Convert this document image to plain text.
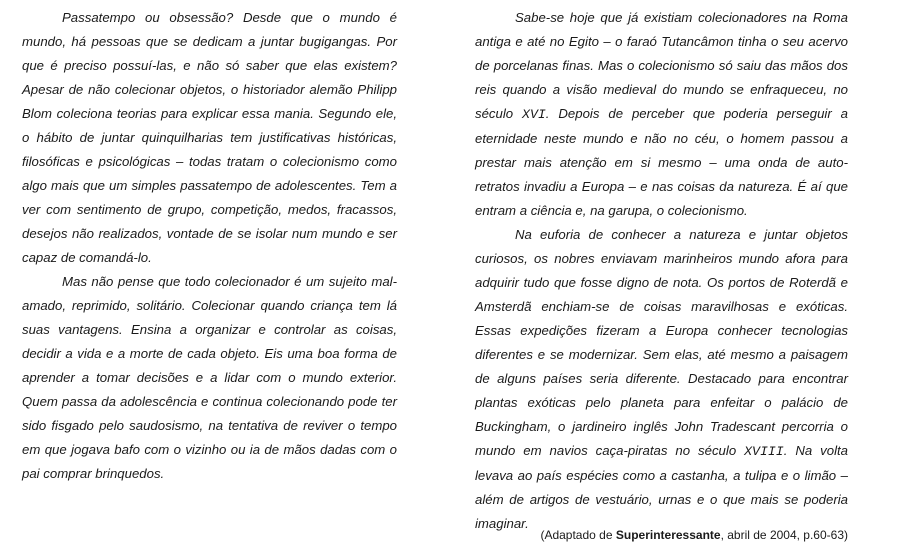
Passatempo ou obsessão? Desde que o mundo é mundo, há pessoas que se dedicam a juntar bugigangas. Por que é preciso possuí-las, e não só saber que elas existem? Apesar de não colecionar objetos, o historiador alemão Philipp Blom coleciona teorias para explicar essa mania. Segundo ele, o hábito de juntar quinquilharias tem justificativas históricas, filosóficas e psicológicas – todas tratam o colecionismo como algo mais que um simples passatempo de adolescentes. Tem a ver com sentimento de grupo, competição, medos, fracassos, desejos não realizados, vontade de se isolar num mundo e ser capaz de comandá-lo.

Mas não pense que todo colecionador é um sujeito mal-amado, reprimido, solitário. Colecionar quando criança tem lá suas vantagens. Ensina a organizar e controlar as coisas, decidir a vida e a morte de cada objeto. Eis uma boa forma de aprender a tomar decisões e a lidar com o mundo exterior. Quem passa da adolescência e continua colecionando pode ter sido fisgado pelo saudosismo, na tentativa de reviver o tempo em que jogava bafo com o vizinho ou ia de mãos dadas com o pai comprar brinquedos.

Sabe-se hoje que já existiam colecionadores na Roma antiga e até no Egito – o faraó Tutancâmon tinha o seu acervo de porcelanas finas. Mas o colecionismo só saiu das mãos dos reis quando a visão medieval do mundo se enfraqueceu, no século XVI. Depois de perceber que poderia perseguir a eternidade neste mundo e não no céu, o homem passou a prestar mais atenção em si mesmo – uma onda de auto-retratos invadiu a Europa – e nas coisas da natureza. É aí que entram a ciência e, na garupa, o colecionismo.

Na euforia de conhecer a natureza e juntar objetos curiosos, os nobres enviavam marinheiros mundo afora para adquirir tudo que fosse digno de nota. Os portos de Roterdã e Amsterdã enchiam-se de coisas maravilhosas e exóticas. Essas expedições fizeram a Europa conhecer tecnologias diferentes e se modernizar. Sem elas, até mesmo a paisagem de alguns países seria diferente. Destacado para encontrar plantas exóticas pelo planeta para enfeitar o palácio de Buckingham, o jardineiro inglês John Tradescant percorria o mundo em navios caça-piratas no século XVIII. Na volta levava ao país espécies como a castanha, a tulipa e o limão – além de artigos de vestuário, urnas e o que mais se poderia imaginar.

(Adaptado de Superinteressante, abril de 2004, p.60-63)
